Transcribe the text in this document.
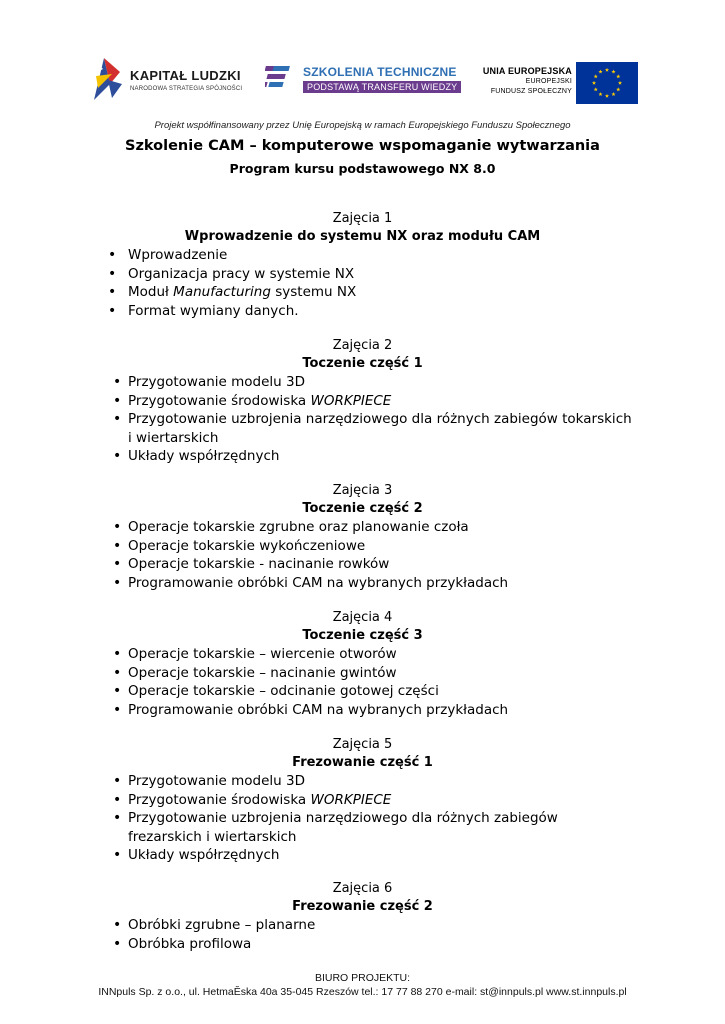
KAPITAŁ LUDZKI
NARODOWA STRATEGIA SPÓJNOŚCI
SZKOLENIA TECHNICZNE
PODSTAWĄ TRANSFERU WIEDZY
UNIA EUROPEJSKA
EUROPEJSKI
FUNDUSZ SPOŁECZNY
Projekt współfinansowany przez Unię Europejską w ramach Europejskiego Funduszu Społecznego
Szkolenie CAM – komputerowe wspomaganie wytwarzania
Program kursu podstawowego NX 8.0
Zajęcia 1
Wprowadzenie do systemu NX oraz modułu CAM
• Wprowadzenie
• Organizacja pracy w systemie NX
• Moduł Manufacturing systemu NX
• Format wymiany danych.
Zajęcia 2
Toczenie część 1
• Przygotowanie modelu 3D
• Przygotowanie środowiska WORKPIECE
• Przygotowanie uzbrojenia narzędziowego dla różnych zabiegów tokarskich i wiertarskich
• Układy współrzędnych
Zajęcia 3
Toczenie część 2
• Operacje tokarskie zgrubne oraz planowanie czoła
• Operacje tokarskie wykończeniowe
• Operacje tokarskie - nacinanie rowków
• Programowanie obróbki CAM na wybranych przykładach
Zajęcia 4
Toczenie część 3
• Operacje tokarskie – wiercenie otworów
• Operacje tokarskie – nacinanie gwintów
• Operacje tokarskie – odcinanie gotowej części
• Programowanie obróbki CAM na wybranych przykładach
Zajęcia 5
Frezowanie część 1
• Przygotowanie modelu 3D
• Przygotowanie środowiska WORKPIECE
• Przygotowanie uzbrojenia narzędziowego dla różnych zabiegów frezarskich i wiertarskich
• Układy współrzędnych
Zajęcia 6
Frezowanie część 2
• Obróbki zgrubne – planarne
• Obróbka profilowa
BIURO PROJEKTU:
INNpuls Sp. z o.o., ul. HetmaĔska 40a 35-045 Rzeszów tel.: 17 77 88 270 e-mail: st@innpuls.pl www.st.innpuls.pl
